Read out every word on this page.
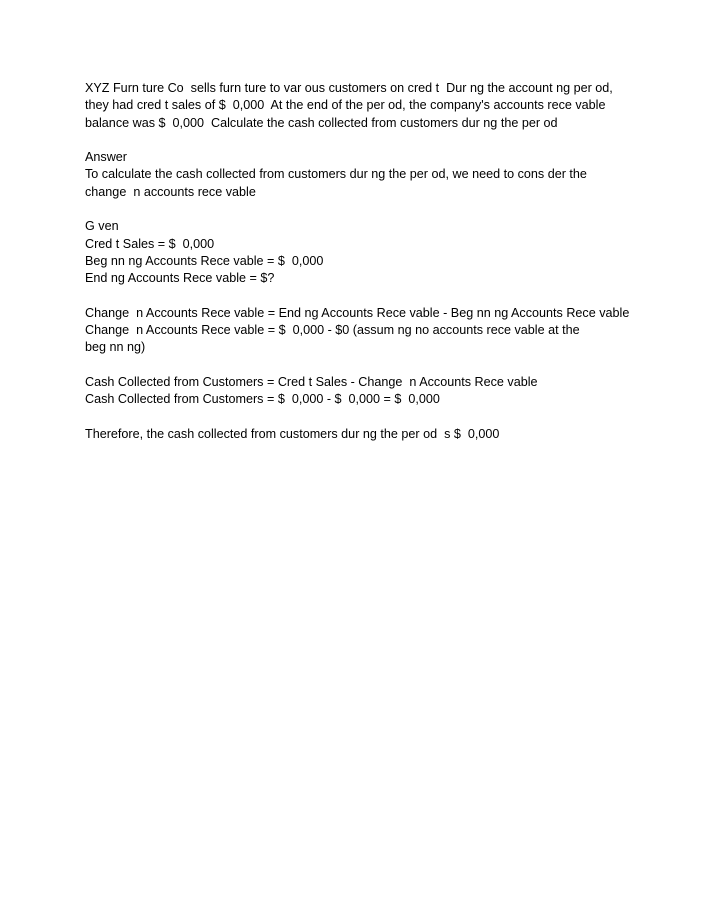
XYZ Furn ture Co  sells furn ture to var ous customers on cred t  Dur ng the account ng per od,
they had cred t sales of $  0,000  At the end of the per od, the company's accounts rece vable
balance was $  0,000  Calculate the cash collected from customers dur ng the per od
Answer
To calculate the cash collected from customers dur ng the per od, we need to cons der the
change  n accounts rece vable
G ven
Cred t Sales = $  0,000
Beg nn ng Accounts Rece vable = $  0,000
End ng Accounts Rece vable = $?
Change  n Accounts Rece vable = End ng Accounts Rece vable - Beg nn ng Accounts Rece vable
Change  n Accounts Rece vable = $  0,000 - $0 (assum ng no accounts rece vable at the
beg nn ng)
Cash Collected from Customers = Cred t Sales - Change  n Accounts Rece vable
Cash Collected from Customers = $  0,000 - $  0,000 = $  0,000
Therefore, the cash collected from customers dur ng the per od  s $  0,000
